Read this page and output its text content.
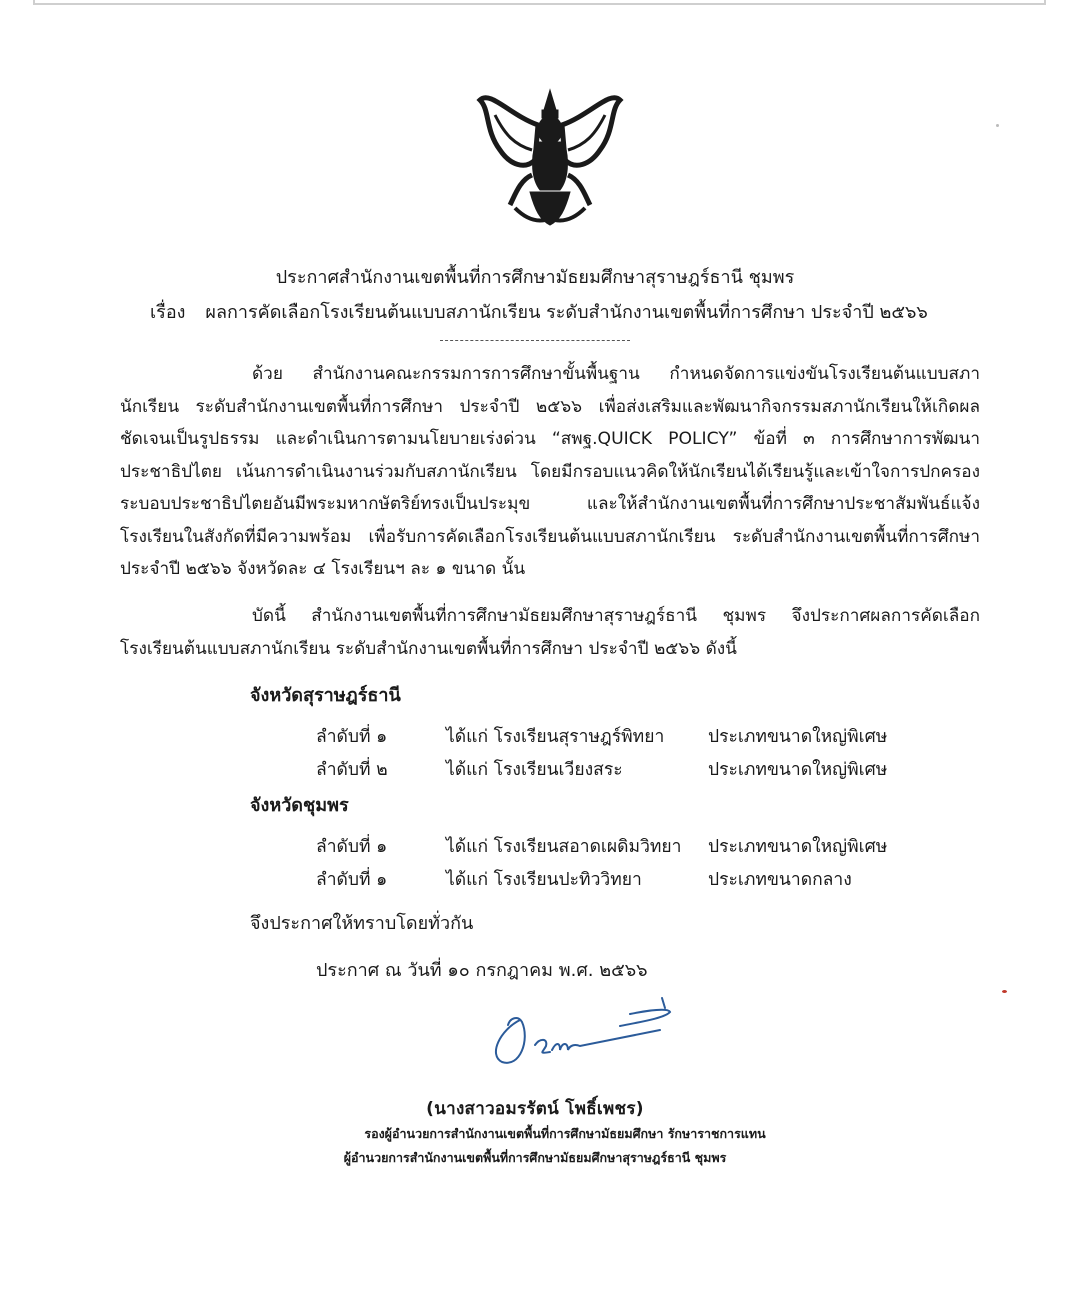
ประกาศสำนักงานเขตพื้นที่การศึกษามัธยมศึกษาสุราษฎร์ธานี ชุมพร
เรื่อง ผลการคัดเลือกโรงเรียนต้นแบบสภานักเรียน ระดับสำนักงานเขตพื้นที่การศึกษา ประจำปี ๒๕๖๖
ด้วย สำนักงานคณะกรรมการการศึกษาขั้นพื้นฐาน กำหนดจัดการแข่งขันโรงเรียนต้นแบบสภานักเรียน ระดับสำนักงานเขตพื้นที่การศึกษา ประจำปี ๒๕๖๖ เพื่อส่งเสริมและพัฒนากิจกรรมสภานักเรียนให้เกิดผลชัดเจนเป็นรูปธรรม และดำเนินการตามนโยบายเร่งด่วน “สพฐ.QUICK POLICY” ข้อที่ ๓ การศึกษาการพัฒนาประชาธิปไตย เน้นการดำเนินงานร่วมกับสภานักเรียน โดยมีกรอบแนวคิดให้นักเรียนได้เรียนรู้และเข้าใจการปกครองระบอบประชาธิปไตยอันมีพระมหากษัตริย์ทรงเป็นประมุข และให้สำนักงานเขตพื้นที่การศึกษาประชาสัมพันธ์แจ้งโรงเรียนในสังกัดที่มีความพร้อม เพื่อรับการคัดเลือกโรงเรียนต้นแบบสภานักเรียน ระดับสำนักงานเขตพื้นที่การศึกษา ประจำปี ๒๕๖๖ จังหวัดละ ๔ โรงเรียนฯ ละ ๑ ขนาด นั้น
บัดนี้ สำนักงานเขตพื้นที่การศึกษามัธยมศึกษาสุราษฎร์ธานี ชุมพร จึงประกาศผลการคัดเลือกโรงเรียนต้นแบบสภานักเรียน ระดับสำนักงานเขตพื้นที่การศึกษา ประจำปี ๒๕๖๖ ดังนี้
จังหวัดสุราษฎร์ธานี
ลำดับที่ ๑	ได้แก่ โรงเรียนสุราษฎร์พิทยา ประเภทขนาดใหญ่พิเศษ
ลำดับที่ ๒	ได้แก่ โรงเรียนเวียงสระ	ประเภทขนาดใหญ่พิเศษ
จังหวัดชุมพร
ลำดับที่ ๑	ได้แก่ โรงเรียนสอาดเผดิมวิทยา ประเภทขนาดใหญ่พิเศษ
ลำดับที่ ๑	ได้แก่ โรงเรียนปะทิววิทยา	ประเภทขนาดกลาง
จึงประกาศให้ทราบโดยทั่วกัน
ประกาศ ณ วันที่ ๑๐ กรกฎาคม พ.ศ. ๒๕๖๖
(นางสาวอมรรัตน์ โพธิ์เพชร)
รองผู้อำนวยการสำนักงานเขตพื้นที่การศึกษามัธยมศึกษา รักษาราชการแทน
ผู้อำนวยการสำนักงานเขตพื้นที่การศึกษามัธยมศึกษาสุราษฎร์ธานี ชุมพร
